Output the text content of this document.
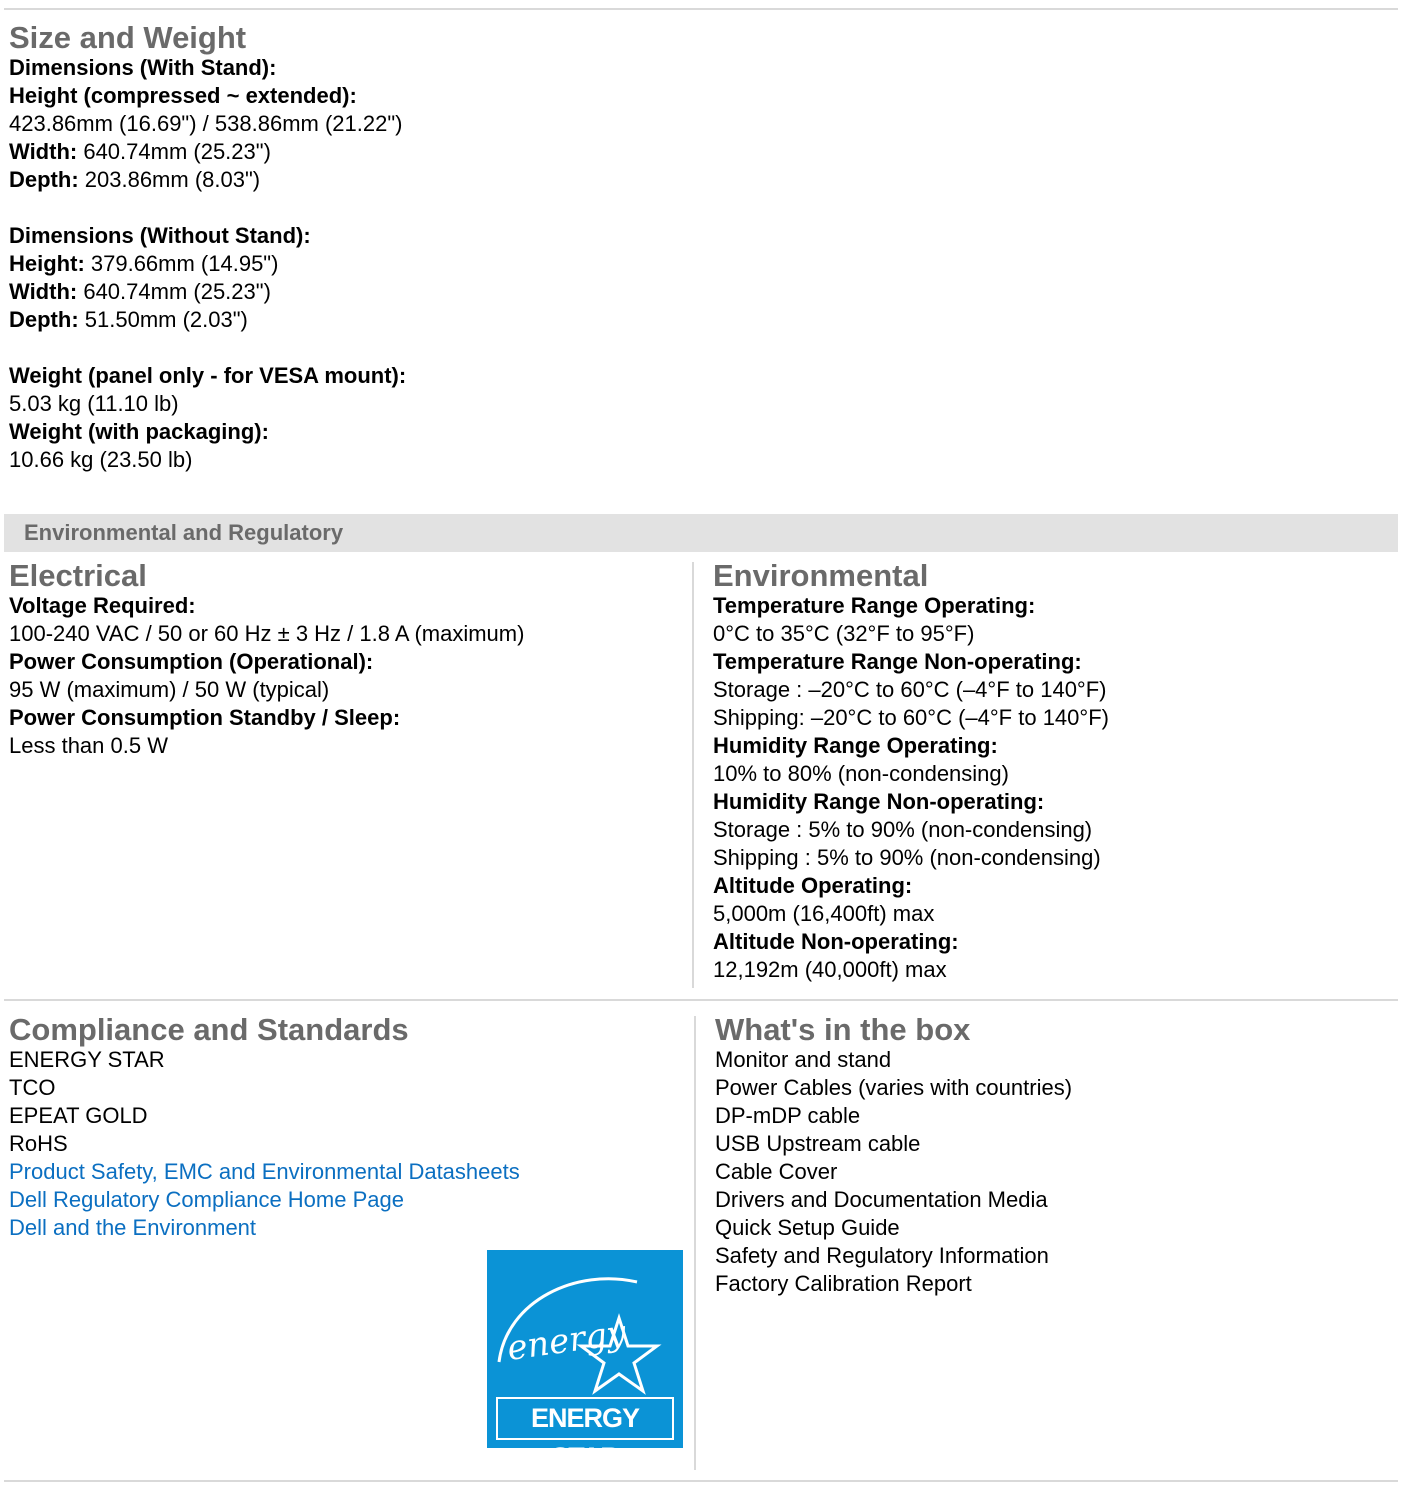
Size and Weight
Dimensions (With Stand):
Height (compressed ~ extended):
423.86mm (16.69") / 538.86mm (21.22")
Width: 640.74mm (25.23")
Depth: 203.86mm (8.03")
Dimensions (Without Stand):
Height: 379.66mm (14.95")
Width: 640.74mm (25.23")
Depth: 51.50mm (2.03")
Weight (panel only - for VESA mount):
5.03 kg (11.10 lb)
Weight (with packaging):
10.66 kg (23.50 lb)
Environmental and Regulatory
Electrical
Voltage Required:
100-240 VAC / 50 or 60 Hz ± 3 Hz / 1.8 A (maximum)
Power Consumption (Operational):
95 W (maximum) / 50 W (typical)
Power Consumption Standby / Sleep:
Less than 0.5 W
Environmental
Temperature Range Operating:
0°C to 35°C (32°F to 95°F)
Temperature Range Non-operating:
Storage : –20°C to 60°C (–4°F to 140°F)
Shipping: –20°C to 60°C (–4°F to 140°F)
Humidity Range Operating:
10% to 80% (non-condensing)
Humidity Range Non-operating:
Storage : 5% to 90% (non-condensing)
Shipping : 5% to 90% (non-condensing)
Altitude Operating:
5,000m (16,400ft) max
Altitude Non-operating:
12,192m (40,000ft) max
Compliance and Standards
ENERGY STAR
TCO
EPEAT GOLD
RoHS
Product Safety, EMC and Environmental Datasheets
Dell Regulatory Compliance Home Page
Dell and the Environment
energy
ENERGY STAR
What's in the box
Monitor and stand
Power Cables (varies with countries)
DP-mDP cable
USB Upstream cable
Cable Cover
Drivers and Documentation Media
Quick Setup Guide
Safety and Regulatory Information
Factory Calibration Report
